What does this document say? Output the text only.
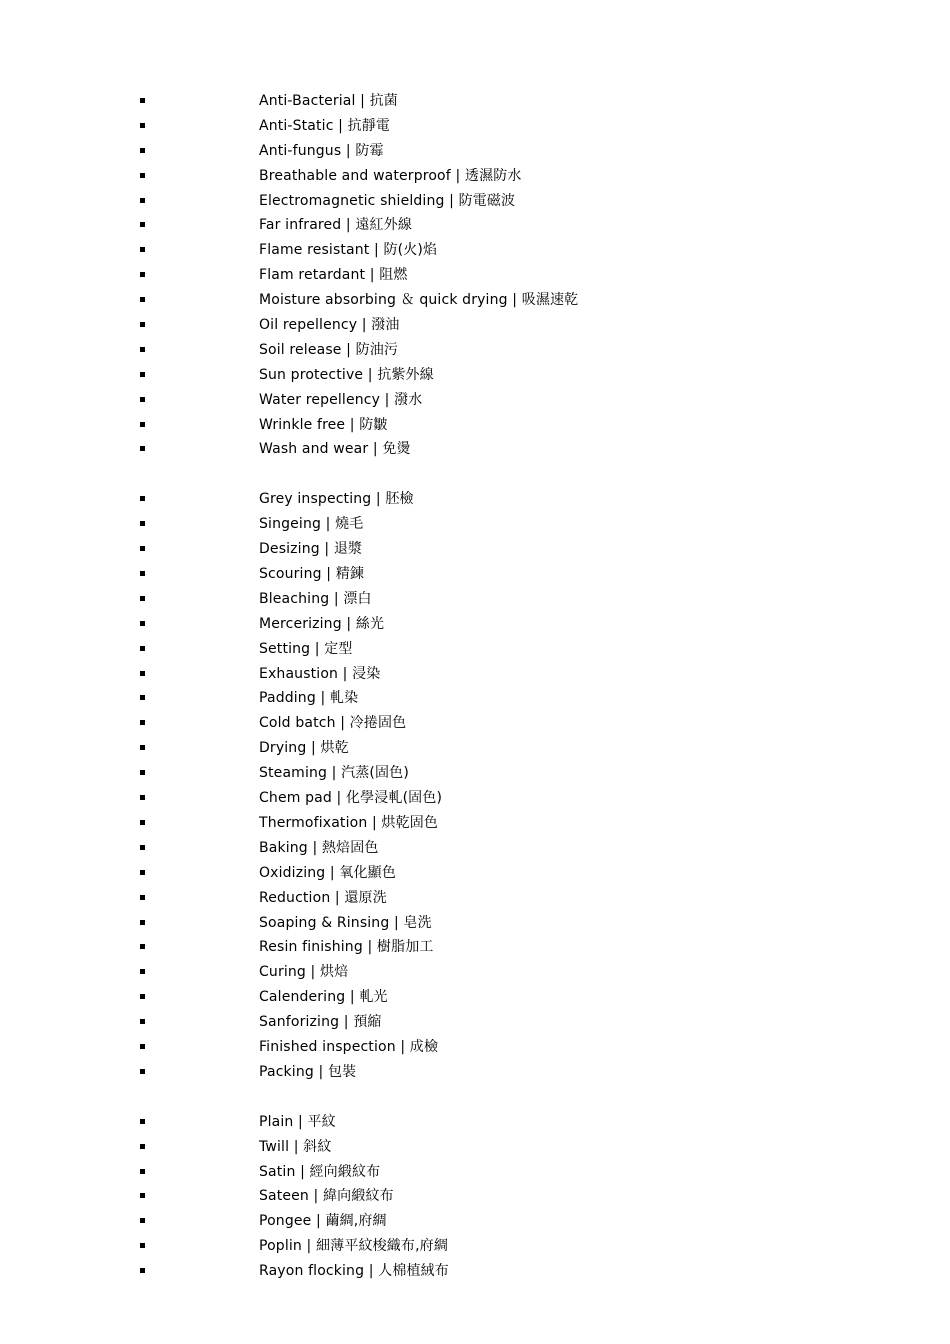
Anti-Bacterial | 抗菌
Anti-Static | 抗靜電
Anti-fungus | 防霉
Breathable and waterproof | 透濕防水
Electromagnetic shielding | 防電磁波
Far infrared | 遠紅外線
Flame resistant | 防(火)焰
Flam retardant | 阻燃
Moisture absorbing ＆ quick drying | 吸濕速乾
Oil repellency | 潑油
Soil release | 防油污
Sun protective | 抗紫外線
Water repellency | 潑水
Wrinkle free | 防皺
Wash and wear | 免燙
Grey inspecting | 胚檢
Singeing | 燒毛
Desizing | 退漿
Scouring | 精鍊
Bleaching | 漂白
Mercerizing | 絲光
Setting | 定型
Exhaustion | 浸染
Padding | 軋染
Cold batch | 冷捲固色
Drying | 烘乾
Steaming | 汽蒸(固色)
Chem pad | 化學浸軋(固色)
Thermofixation | 烘乾固色
Baking | 熱焙固色
Oxidizing | 氧化顯色
Reduction | 還原洗
Soaping & Rinsing | 皂洗
Resin finishing | 樹脂加工
Curing | 烘焙
Calendering | 軋光
Sanforizing | 預縮
Finished inspection | 成檢
Packing | 包裝
Plain | 平紋
Twill | 斜紋
Satin | 經向緞紋布
Sateen | 緯向緞紋布
Pongee | 繭綢,府綢
Poplin | 細薄平紋梭織布,府綢
Rayon flocking | 人棉植絨布
